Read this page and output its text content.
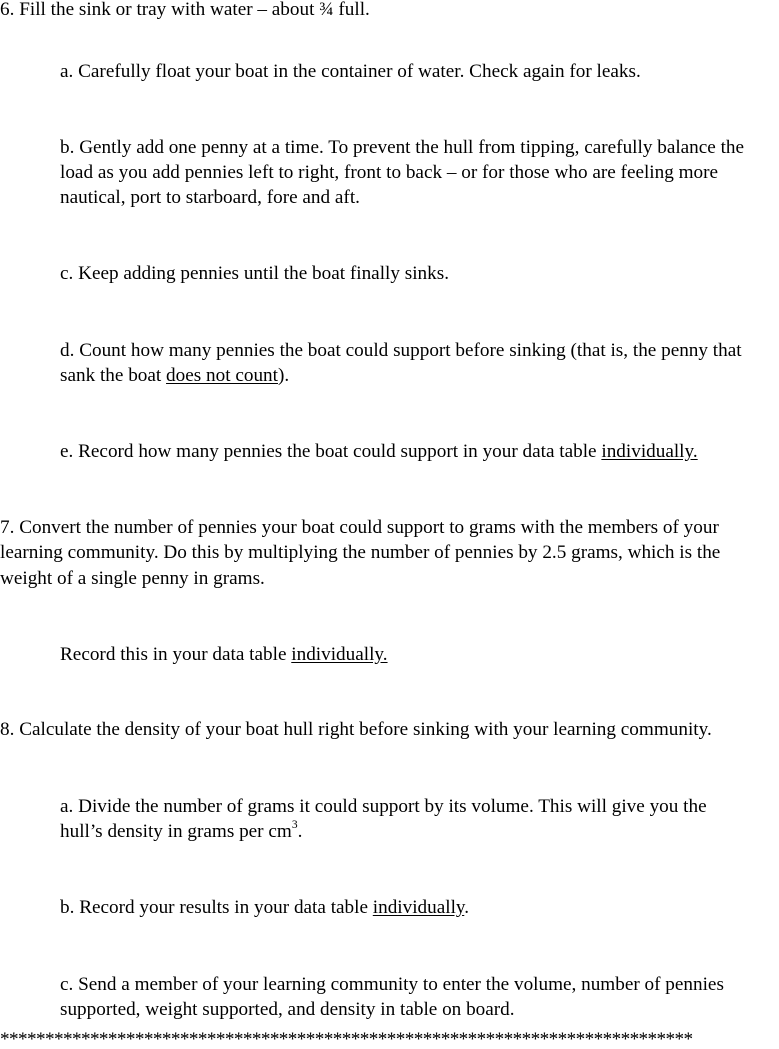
6. Fill the sink or tray with water – about ¾ full.

a. Carefully float your boat in the container of water. Check again for leaks.

b. Gently add one penny at a time. To prevent the hull from tipping, carefully balance the

load as you add pennies left to right, front to back – or for those who are feeling more

nautical, port to starboard, fore and aft.

c. Keep adding pennies until the boat finally sinks.

d. Count how many pennies the boat could support before sinking (that is, the penny that

sank the boat does not count).

e. Record how many pennies the boat could support in your data table individually.

7. Convert the number of pennies your boat could support to grams with the members of your

learning community. Do this by multiplying the number of pennies by 2.5 grams, which is the

weight of a single penny in grams.

Record this in your data table individually.

8. Calculate the density of your boat hull right before sinking with your learning community.

a. Divide the number of grams it could support by its volume. This will give you the

hull’s density in grams per $cm^3$.

b. Record your results in your data table individually.

c. Send a member of your learning community to enter the volume, number of pennies

supported, weight supported, and density in table on board.

*****************************************************************************
